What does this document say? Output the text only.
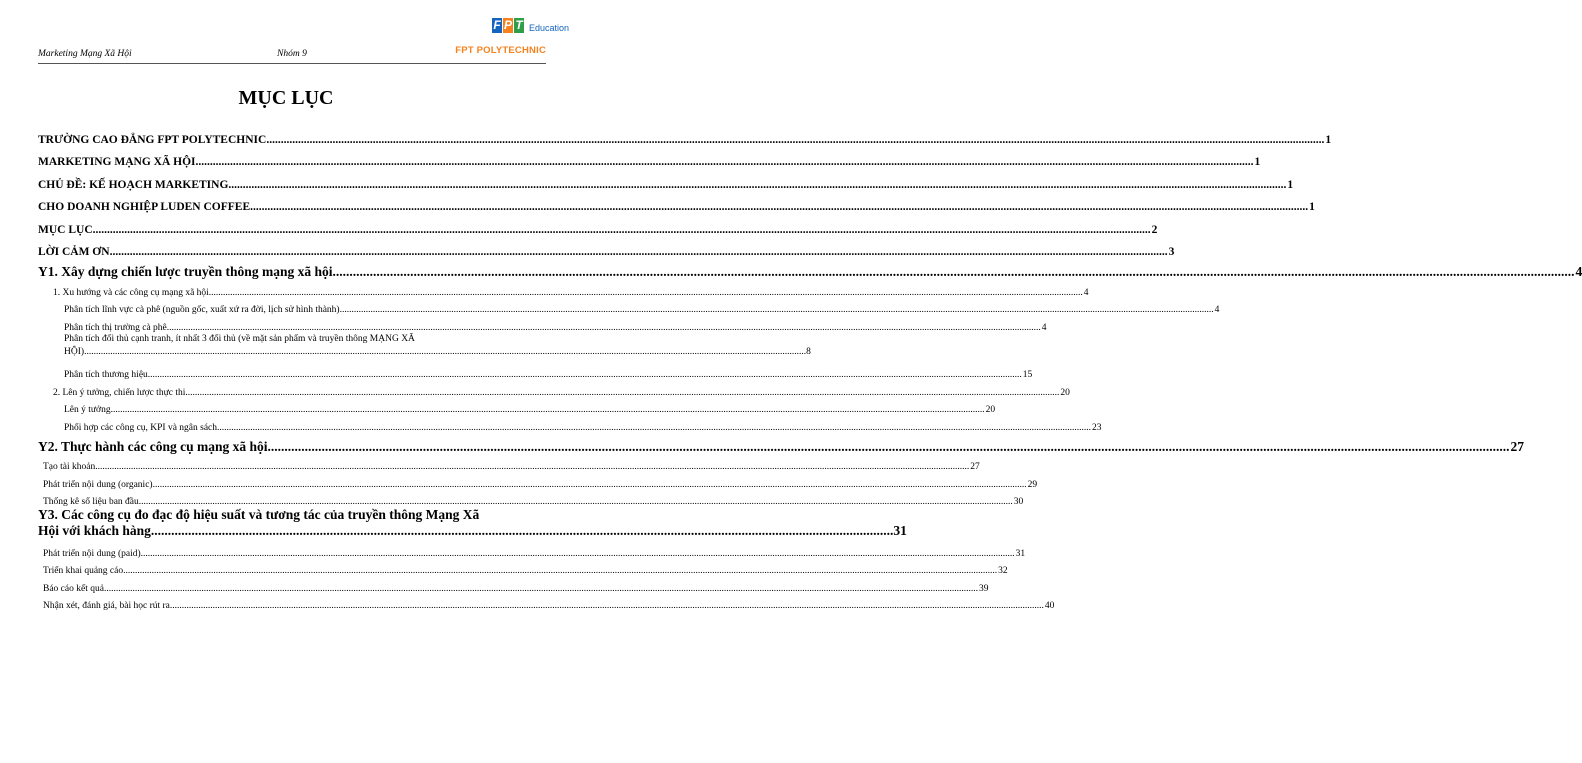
Marketing Mạng Xã Hội	Nhóm 9
F P T Education
FPT POLYTECHNIC
MỤC LỤC
TRƯỜNG CAO ĐẲNG FPT POLYTECHNIC .....	1
MARKETING MẠNG XÃ HỘI .....	1
CHỦ ĐỀ: KẾ HOẠCH MARKETING .....	1
CHO DOANH NGHIỆP LUDEN COFFEE .....	1
MỤC LỤC .....	2
LỜI CẢM ƠN .....	3
Y1. Xây dựng chiến lược truyền thông mạng xã hội .....	4
1. Xu hướng và các công cụ mạng xã hội .....	4
Phân tích lĩnh vực cà phê (nguồn gốc, xuất xứ ra đời, lịch sử hình thành) .....	4
Phân tích thị trường cà phê .....	4
Phân tích đối thủ cạnh tranh, ít nhất 3 đối thủ (về mặt sản phẩm và truyền thông MẠNG XÃ
HỘI) .....	8
Phân tích thương hiệu .....	15
2. Lên ý tưởng, chiến lược thực thi .....	20
Lên ý tưởng .....	20
Phối hợp các công cụ, KPI và ngân sách .....	23
Y2. Thực hành các công cụ mạng xã hội .....	27
Tạo tài khoản .....	27
Phát triển nội dung (organic) .....	29
Thống kê số liệu ban đầu .....	30
Y3. Các công cụ đo đạc độ hiệu suất và tương tác của truyền thông Mạng Xã
Hội với khách hàng .....	31
Phát triển nội dung (paid) .....	31
Triển khai quảng cáo .....	32
Báo cáo kết quả .....	39
Nhận xét, đánh giá, bài học rút ra .....	40
